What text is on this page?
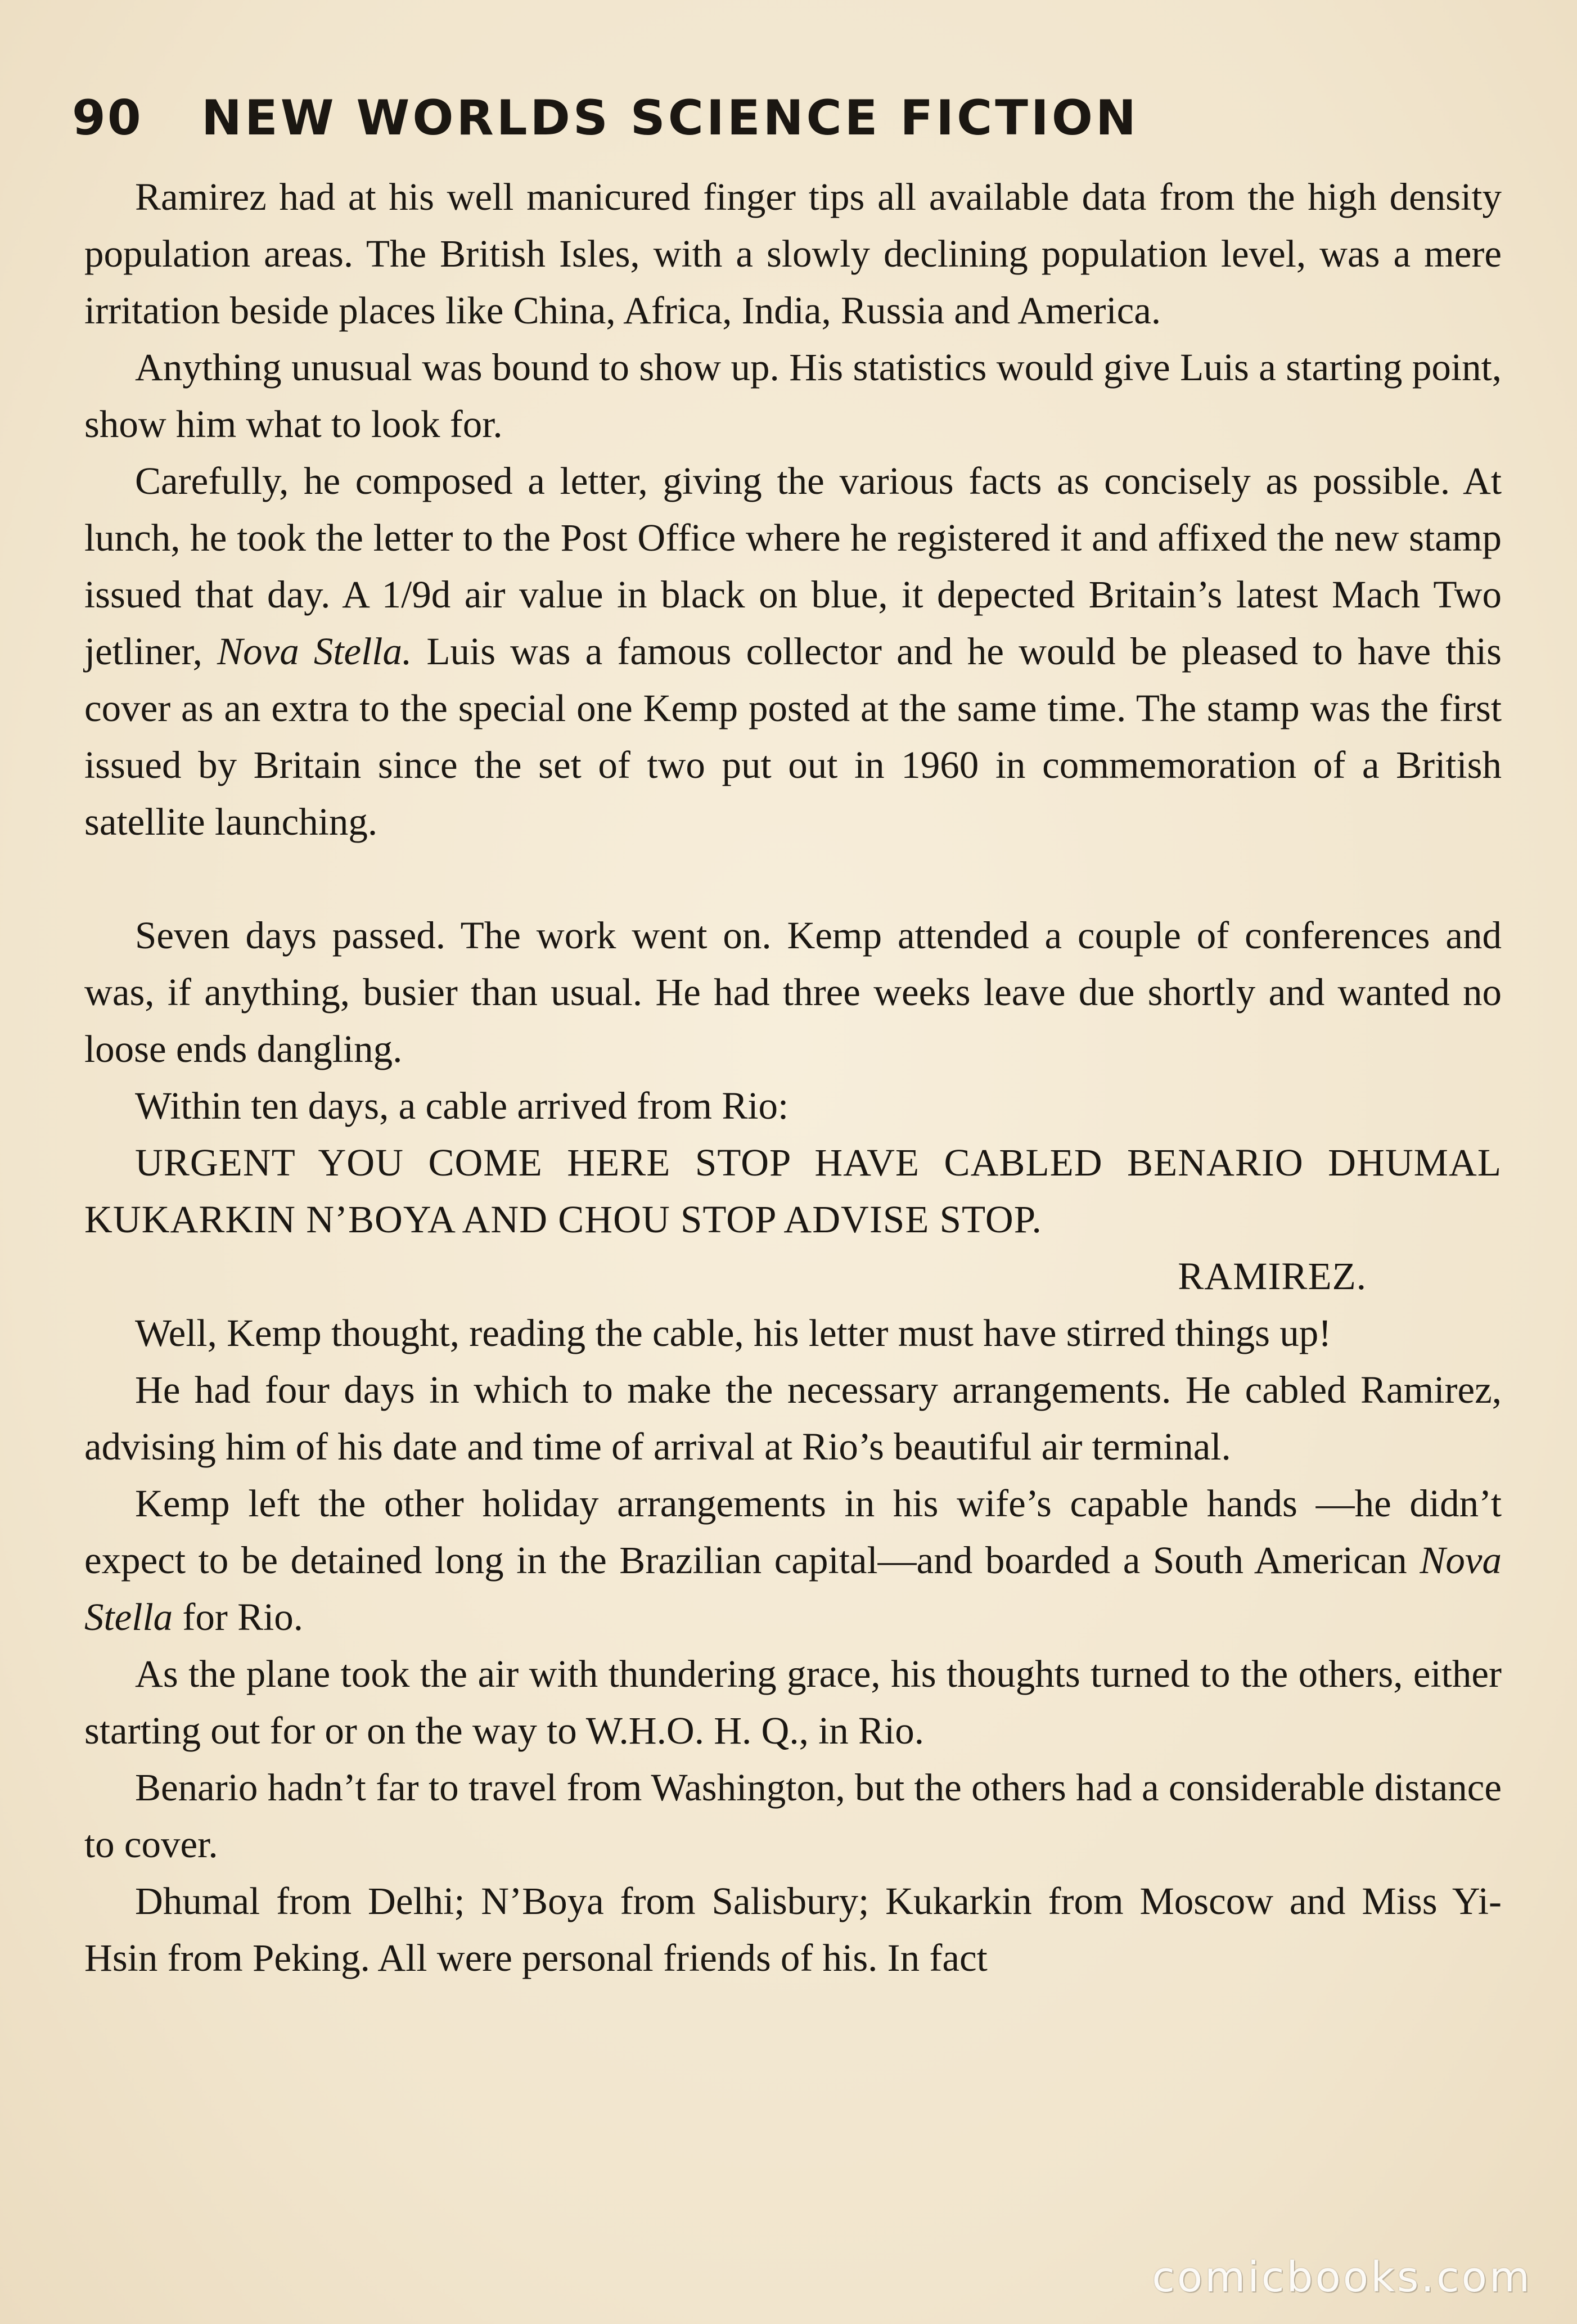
90	NEW WORLDS SCIENCE FICTION

Ramirez had at his well manicured finger tips all available data from the high density population areas. The British Isles, with a slowly declining population level, was a mere irritation beside places like China, Africa, India, Russia and America.

Anything unusual was bound to show up. His statistics would give Luis a starting point, show him what to look for.

Carefully, he composed a letter, giving the various facts as concisely as possible. At lunch, he took the letter to the Post Office where he registered it and affixed the new stamp issued that day. A 1/9d air value in black on blue, it depected Britain’s latest Mach Two jetliner, Nova Stella. Luis was a famous collector and he would be pleased to have this cover as an extra to the special one Kemp posted at the same time. The stamp was the first issued by Britain since the set of two put out in 1960 in commemoration of a British satellite launching.

Seven days passed. The work went on. Kemp attended a couple of conferences and was, if anything, busier than usual. He had three weeks leave due shortly and wanted no loose ends dangling.

Within ten days, a cable arrived from Rio:

URGENT YOU COME HERE STOP HAVE CABLED BENARIO DHUMAL KUKARKIN N’BOYA AND CHOU STOP ADVISE STOP.

RAMIREZ.

Well, Kemp thought, reading the cable, his letter must have stirred things up!

He had four days in which to make the necessary arrangements. He cabled Ramirez, advising him of his date and time of arrival at Rio’s beautiful air terminal.

Kemp left the other holiday arrangements in his wife’s capable hands —he didn’t expect to be detained long in the Brazilian capital—and boarded a South American Nova Stella for Rio.

As the plane took the air with thundering grace, his thoughts turned to the others, either starting out for or on the way to W.H.O. H. Q., in Rio.

Benario hadn’t far to travel from Washington, but the others had a considerable distance to cover.

Dhumal from Delhi; N’Boya from Salisbury; Kukarkin from Moscow and Miss Yi-Hsin from Peking. All were personal friends of his. In fact

comicbooks.com
